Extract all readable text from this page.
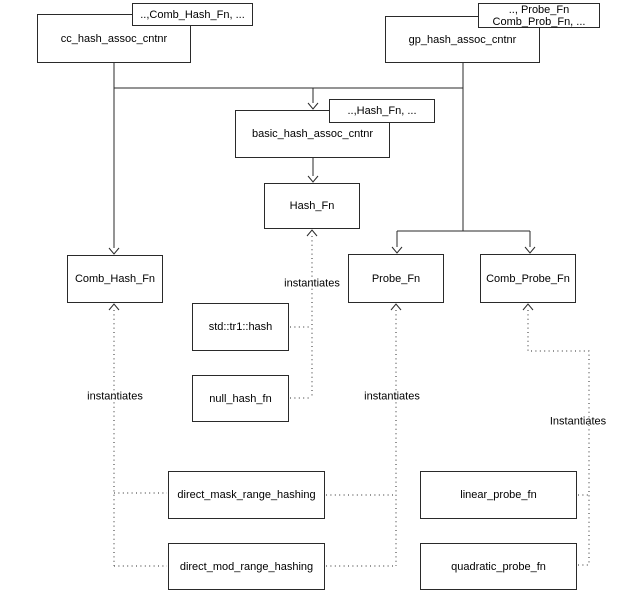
cc_hash_assoc_cntnr	gp_hash_assoc_cntnr
basic_hash_assoc_cntnr
Hash_Fn
Comb_Hash_Fn	Probe_Fn	Comb_Probe_Fn
std::tr1::hash
null_hash_fn
direct_mask_range_hashing
direct_mod_range_hashing
linear_probe_fn
quadratic_probe_fn
..,Comb_Hash_Fn, ...	.., Probe_Fn
Comb_Prob_Fn, ...
..,Hash_Fn, ...
instantiates
instantiates	instantiates
Instantiates
